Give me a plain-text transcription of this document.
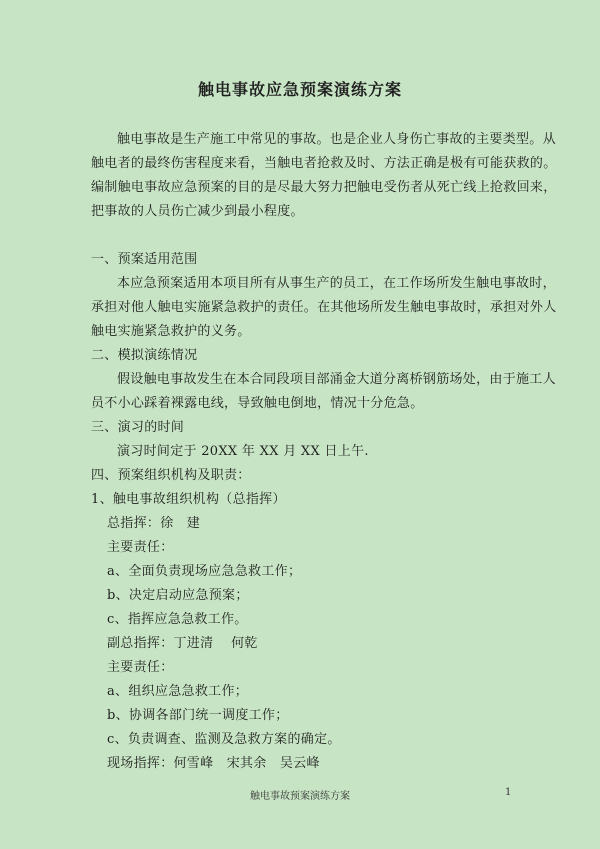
触电事故应急预案演练方案
触电事故是生产施工中常见的事故。也是企业人身伤亡事故的主要类型。从
触电者的最终伤害程度来看，当触电者抢救及时、方法正确是极有可能获救的。
编制触电事故应急预案的目的是尽最大努力把触电受伤者从死亡线上抢救回来，
把事故的人员伤亡减少到最小程度。
一、预案适用范围
本应急预案适用本项目所有从事生产的员工，在工作场所发生触电事故时，
承担对他人触电实施紧急救护的责任。在其他场所发生触电事故时，承担对外人
触电实施紧急救护的义务。
二、模拟演练情况
假设触电事故发生在本合同段项目部涌金大道分离桥钢筋场处，由于施工人
员不小心踩着裸露电线，导致触电倒地，情况十分危急。
三、演习的时间
演习时间定于 20XX 年 XX 月 XX 日上午.
四、预案组织机构及职责：
1、触电事故组织机构（总指挥）
总指挥：徐　建
主要责任：
a、全面负责现场应急急救工作；
b、决定启动应急预案；
c、指挥应急急救工作。
副总指挥：丁进清　 何乾
主要责任：
a、组织应急急救工作；
b、协调各部门统一调度工作；
c、负责调查、监测及急救方案的确定。
现场指挥：何雪峰　宋其余　吴云峰
触电事故预案演练方案	1
